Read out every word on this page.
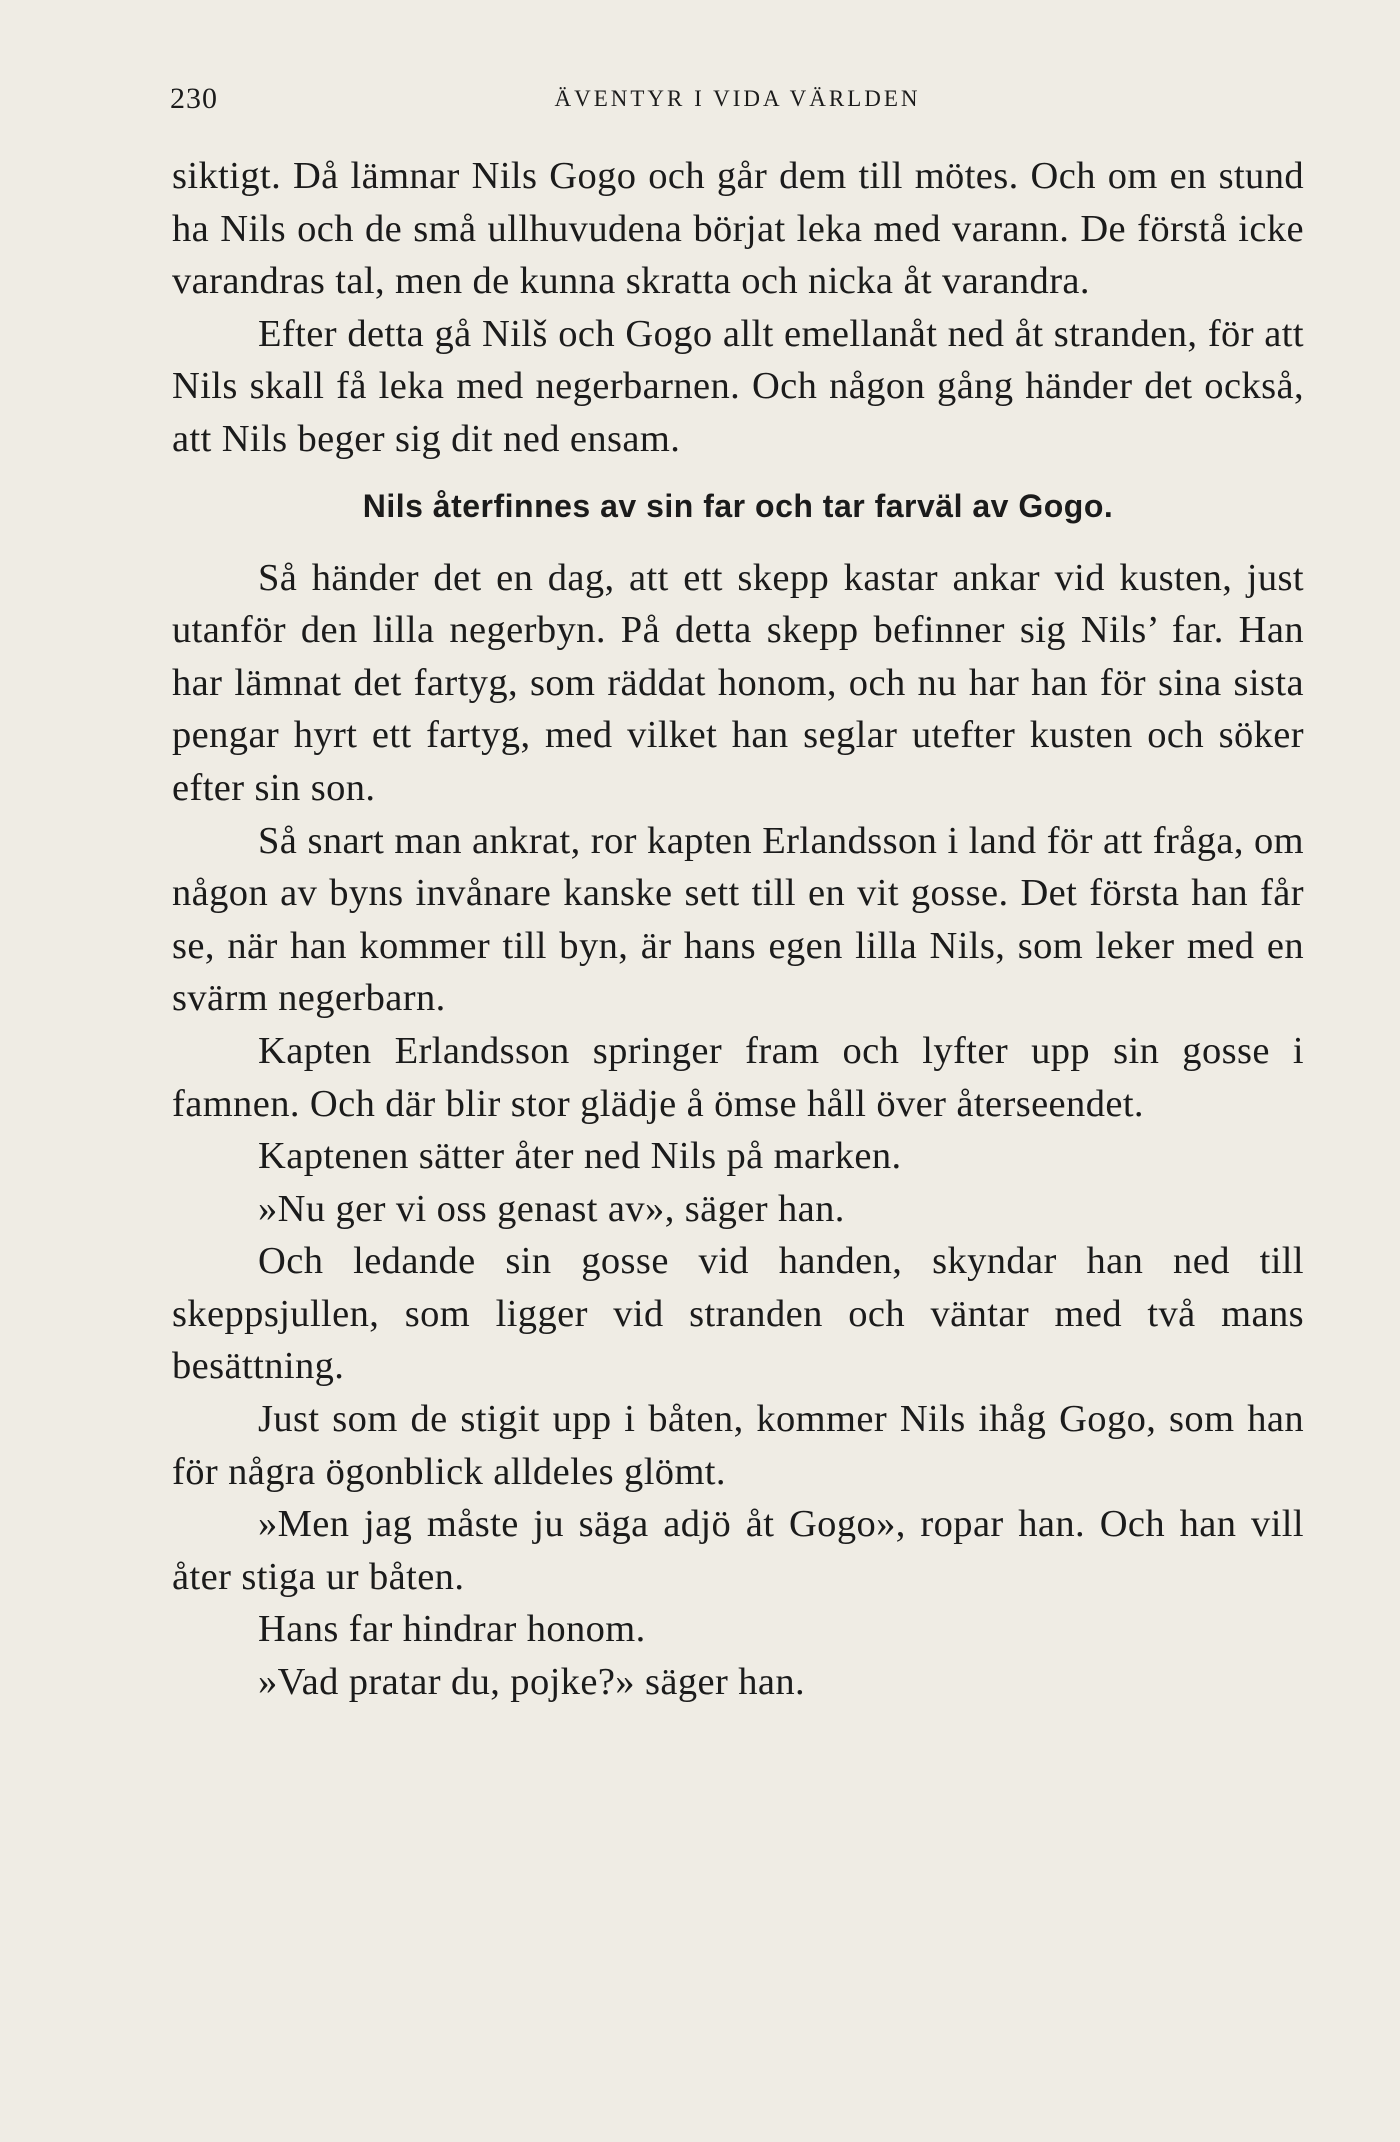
230	ÄVENTYR I VIDA VÄRLDEN

siktigt. Då lämnar Nils Gogo och går dem till mötes. Och om en stund ha Nils och de små ullhuvudena börjat leka med varann. De förstå icke varandras tal, men de kunna skratta och nicka åt varandra.

Efter detta gå Nilš och Gogo allt emellanåt ned åt stranden, för att Nils skall få leka med negerbarnen. Och någon gång händer det också, att Nils beger sig dit ned ensam.

Nils återfinnes av sin far och tar farväl av Gogo.

Så händer det en dag, att ett skepp kastar ankar vid kusten, just utanför den lilla negerbyn. På detta skepp befinner sig Nils’ far. Han har lämnat det fartyg, som räddat honom, och nu har han för sina sista pengar hyrt ett fartyg, med vilket han seglar utefter kusten och söker efter sin son.

Så snart man ankrat, ror kapten Erlandsson i land för att fråga, om någon av byns invånare kanske sett till en vit gosse. Det första han får se, när han kommer till byn, är hans egen lilla Nils, som leker med en svärm negerbarn.

Kapten Erlandsson springer fram och lyfter upp sin gosse i famnen. Och där blir stor glädje å ömse håll över återseendet.

Kaptenen sätter åter ned Nils på marken.

»Nu ger vi oss genast av», säger han.

Och ledande sin gosse vid handen, skyndar han ned till skeppsjullen, som ligger vid stranden och väntar med två mans besättning.

Just som de stigit upp i båten, kommer Nils ihåg Gogo, som han för några ögonblick alldeles glömt.

»Men jag måste ju säga adjö åt Gogo», ropar han. Och han vill åter stiga ur båten.

Hans far hindrar honom.

»Vad pratar du, pojke?» säger han.
